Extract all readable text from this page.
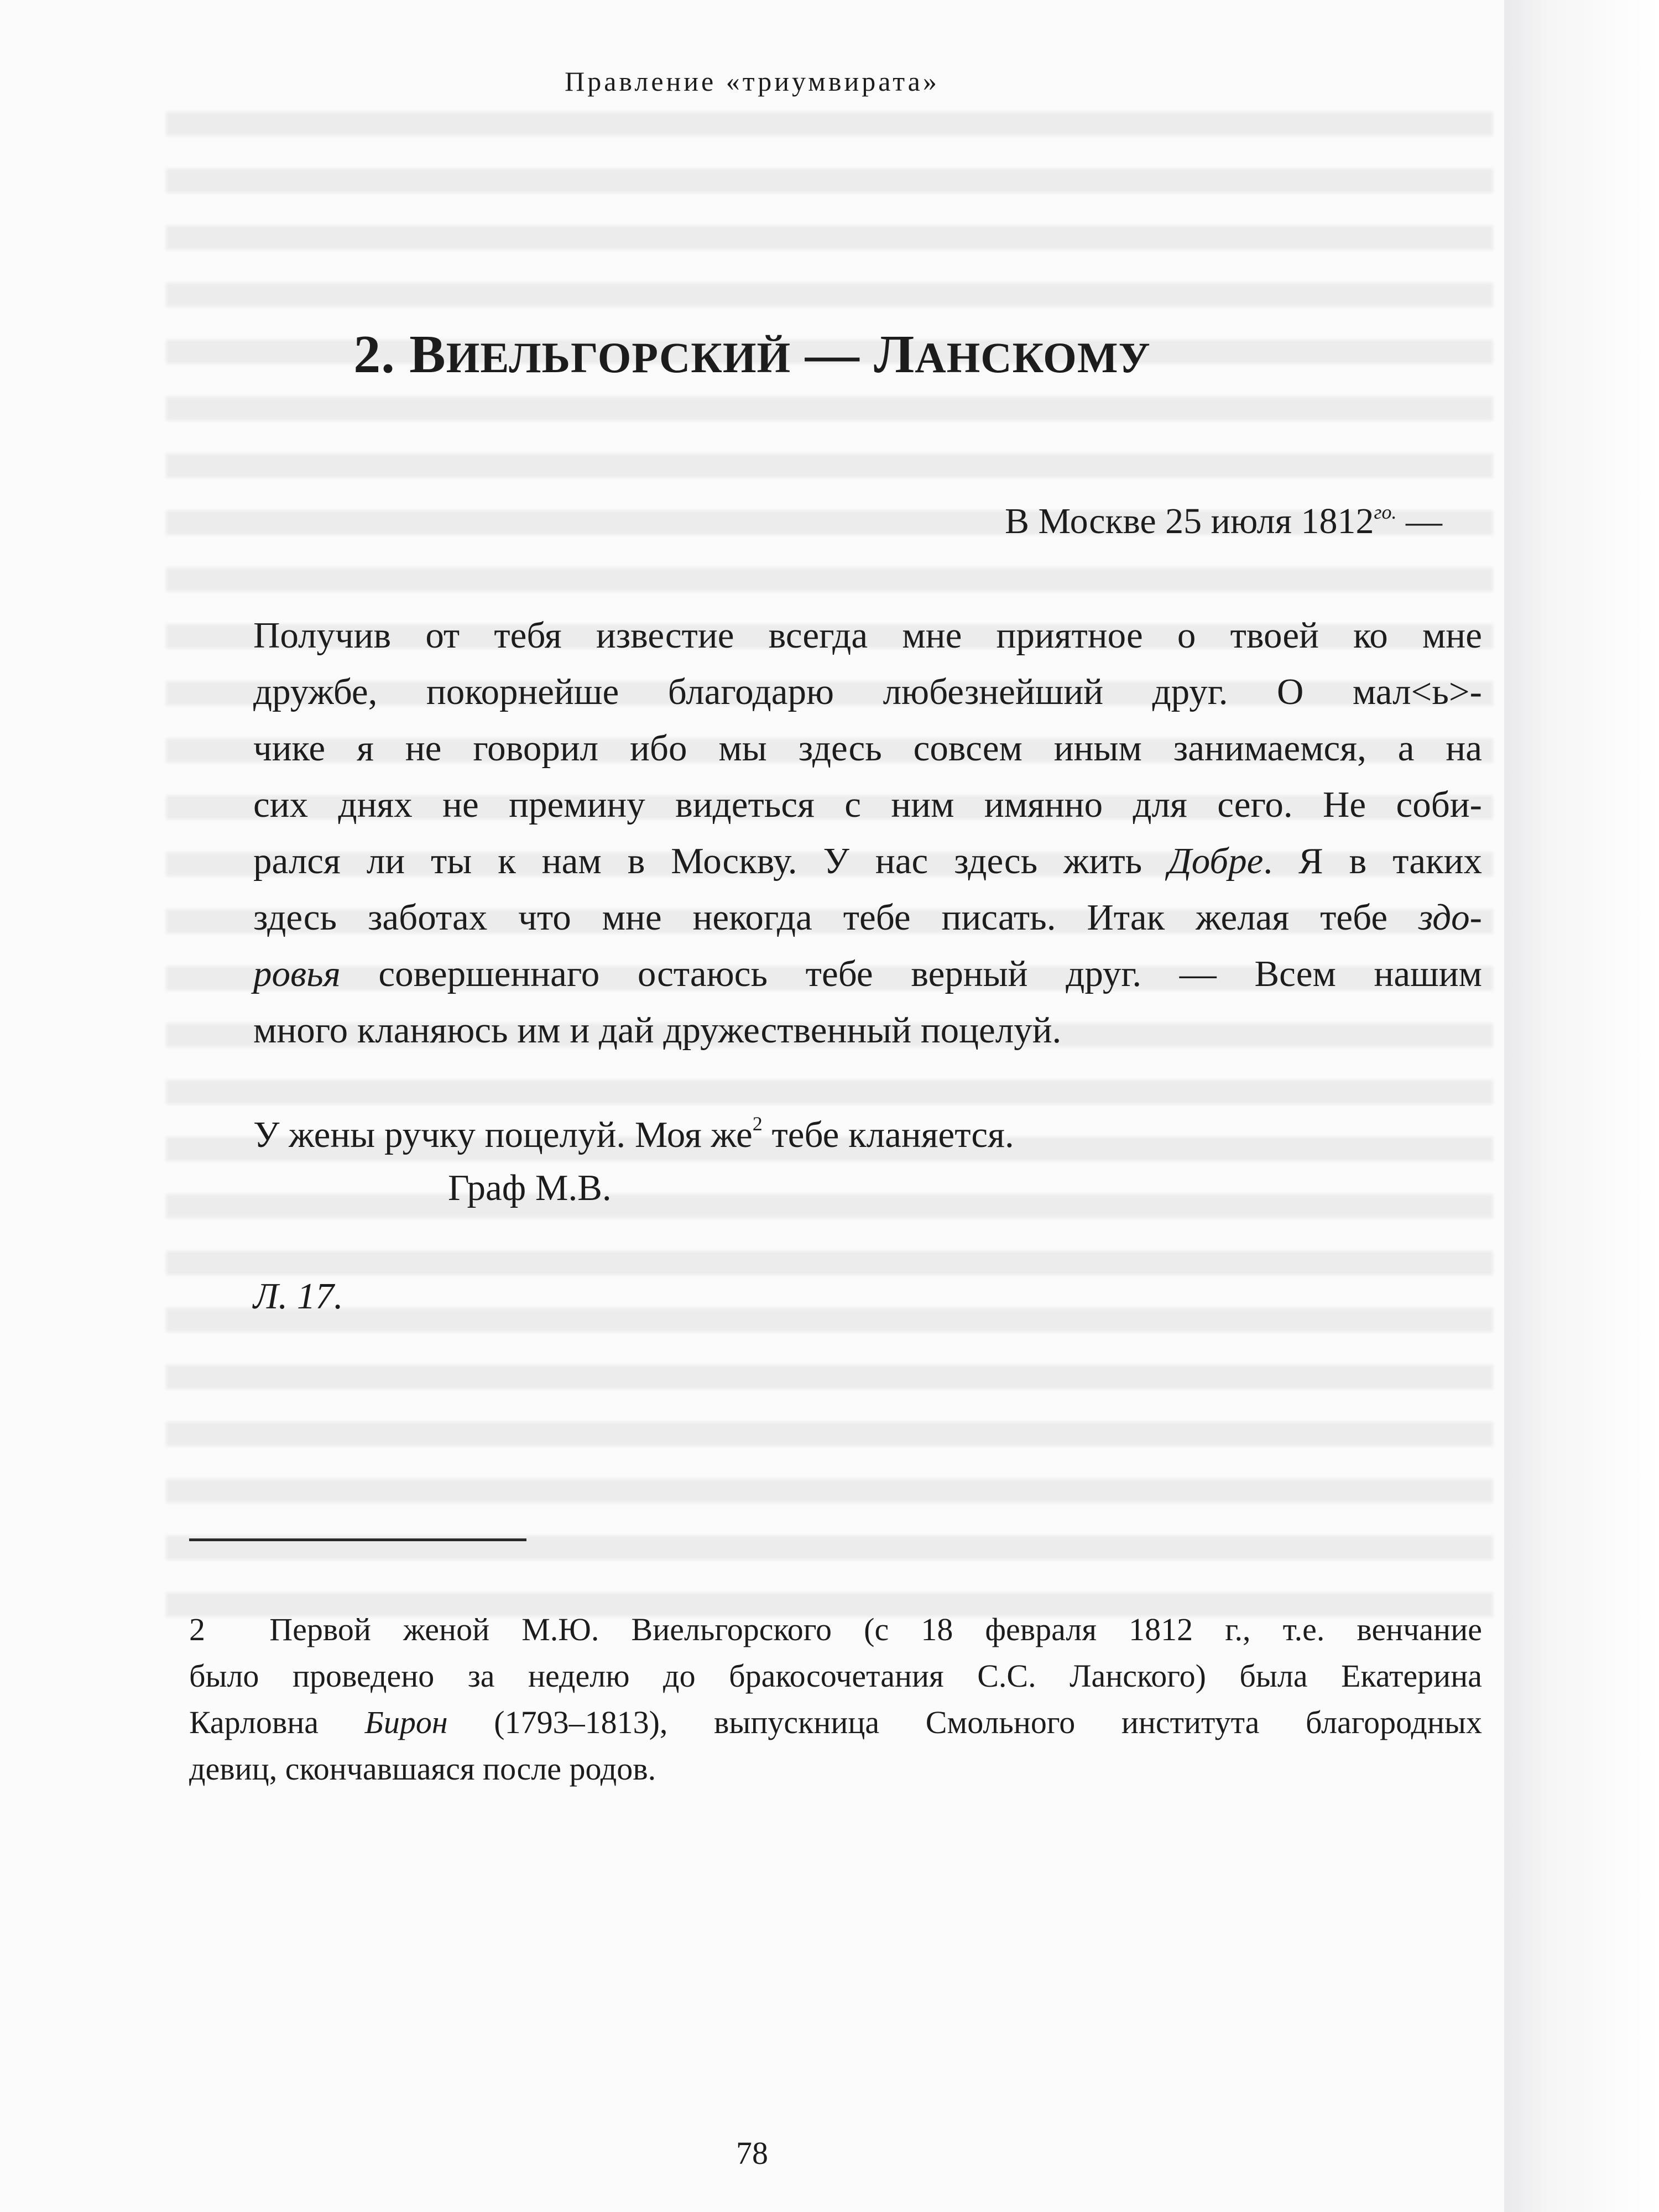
Правление «триумвирата»
2. ВИЕЛЬГОРСКИЙ — ЛАНСКОМУ
В Москве 25 июля $1812^{го.}$ —
Получив от тебя известие всегда мне приятное о твоей ко мне
дружбе, покорнейше благодарю любезнейший друг. О мал<ь>-
чике я не говорил ибо мы здесь совсем иным занимаемся, а на
сих днях не премину видеться с ним имянно для сего. Не соби-
рался ли ты к нам в Москву. У нас здесь жить Добре. Я в таких
здесь заботах что мне некогда тебе писать. Итак желая тебе здо-
ровья совершеннаго остаюсь тебе верный друг. — Всем нашим
много кланяюсь им и дай дружественный поцелуй.
У жены ручку поцелуй. Моя $же^2$ тебе кланяется.
Граф М.В.
Л. 17.
2 Первой женой М.Ю. Виельгорского (с 18 февраля 1812 г., т.е. венчание
было проведено за неделю до бракосочетания С.С. Ланского) была Екатерина
Карловна Бирон (1793–1813), выпускница Смольного института благородных
девиц, скончавшаяся после родов.
78
